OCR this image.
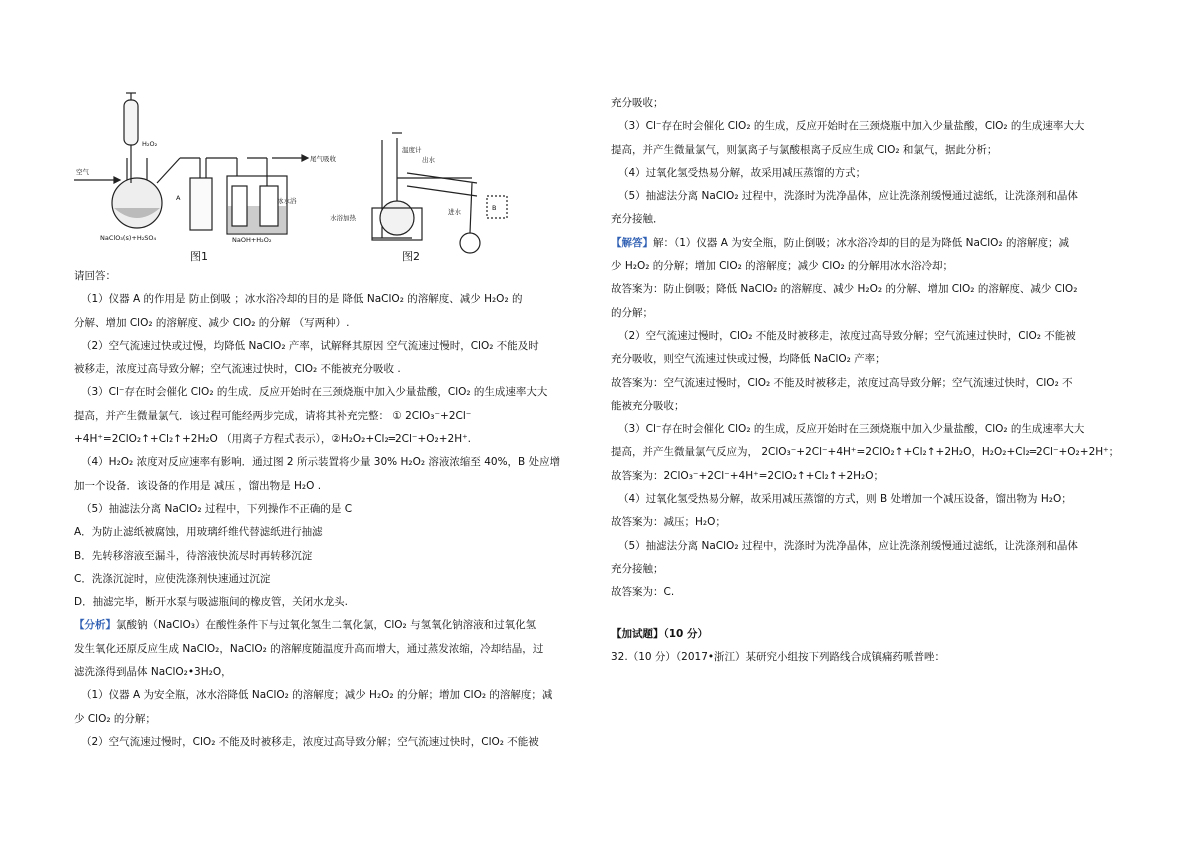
空气
H₂O₂
A
尾气吸收
冰水浴
NaClO₃(s)+H₂SO₄	NaOH+H₂O₂
温度计
出水
进水
水浴加热
B
图1	图2

请回答：

（1）仪器 A 的作用是 防止倒吸 ；冰水浴冷却的目的是 降低 NaClO₂ 的溶解度、减少 H₂O₂ 的

分解、增加 ClO₂ 的溶解度、减少 ClO₂ 的分解 （写两种）.

（2）空气流速过快或过慢，均降低 NaClO₂ 产率，试解释其原因 空气流速过慢时，ClO₂ 不能及时

被移走，浓度过高导致分解；空气流速过快时，ClO₂ 不能被充分吸收 .

（3）Cl⁻存在时会催化 ClO₂ 的生成．反应开始时在三颈烧瓶中加入少量盐酸，ClO₂ 的生成速率大大

提高，并产生微量氯气．该过程可能经两步完成，请将其补充完整： ① 2ClO₃⁻+2Cl⁻

+4H⁺=2ClO₂↑+Cl₂↑+2H₂O （用离子方程式表示），②H₂O₂+Cl₂═2Cl⁻+O₂+2H⁺.

（4）H₂O₂ 浓度对反应速率有影响．通过图 2 所示装置将少量 30% H₂O₂ 溶液浓缩至 40%，B 处应增

加一个设备．该设备的作用是 减压 ，馏出物是 H₂O .

（5）抽滤法分离 NaClO₂ 过程中，下列操作不正确的是 C

A．为防止滤纸被腐蚀，用玻璃纤维代替滤纸进行抽滤

B．先转移溶液至漏斗，待溶液快流尽时再转移沉淀

C．洗涤沉淀时，应使洗涤剂快速通过沉淀

D．抽滤完毕，断开水泵与吸滤瓶间的橡皮管，关闭水龙头.

【分析】氯酸钠（NaClO₃）在酸性条件下与过氧化氢生二氧化氯，ClO₂ 与氢氧化钠溶液和过氧化氢

发生氧化还原反应生成 NaClO₂，NaClO₂ 的溶解度随温度升高而增大，通过蒸发浓缩，冷却结晶，过

滤洗涤得到晶体 NaClO₂•3H₂O，

（1）仪器 A 为安全瓶，冰水浴降低 NaClO₂ 的溶解度；减少 H₂O₂ 的分解；增加 ClO₂ 的溶解度；减

少 ClO₂ 的分解；

（2）空气流速过慢时，ClO₂ 不能及时被移走，浓度过高导致分解；空气流速过快时，ClO₂ 不能被

充分吸收；

（3）Cl⁻存在时会催化 ClO₂ 的生成，反应开始时在三颈烧瓶中加入少量盐酸，ClO₂ 的生成速率大大

提高，并产生微量氯气，则氯离子与氯酸根离子反应生成 ClO₂ 和氯气，据此分析；

（4）过氧化氢受热易分解，故采用减压蒸馏的方式；

（5）抽滤法分离 NaClO₂ 过程中，洗涤时为洗净晶体，应让洗涤剂缓慢通过滤纸，让洗涤剂和晶体

充分接触．

【解答】解：（1）仪器 A 为安全瓶，防止倒吸；冰水浴冷却的目的是为降低 NaClO₂ 的溶解度；减

少 H₂O₂ 的分解；增加 ClO₂ 的溶解度；减少 ClO₂ 的分解用冰水浴冷却；

故答案为：防止倒吸；降低 NaClO₂ 的溶解度、减少 H₂O₂ 的分解、增加 ClO₂ 的溶解度、减少 ClO₂

的分解；

（2）空气流速过慢时，ClO₂ 不能及时被移走，浓度过高导致分解；空气流速过快时，ClO₂ 不能被

充分吸收，则空气流速过快或过慢，均降低 NaClO₂ 产率；

故答案为：空气流速过慢时，ClO₂ 不能及时被移走，浓度过高导致分解；空气流速过快时，ClO₂ 不

能被充分吸收；

（3）Cl⁻存在时会催化 ClO₂ 的生成，反应开始时在三颈烧瓶中加入少量盐酸，ClO₂ 的生成速率大大

提高，并产生微量氯气反应为， 2ClO₃⁻+2Cl⁻+4H⁺=2ClO₂↑+Cl₂↑+2H₂O，H₂O₂+Cl₂═2Cl⁻+O₂+2H⁺；

故答案为：2ClO₃⁻+2Cl⁻+4H⁺=2ClO₂↑+Cl₂↑+2H₂O；

（4）过氧化氢受热易分解，故采用减压蒸馏的方式，则 B 处增加一个减压设备，馏出物为 H₂O；

故答案为：减压；H₂O；

（5）抽滤法分离 NaClO₂ 过程中，洗涤时为洗净晶体，应让洗涤剂缓慢通过滤纸，让洗涤剂和晶体

充分接触；

故答案为：C.

【加试题】（10 分）

32.（10 分）（2017•浙江）某研究小组按下列路线合成镇痛药哌普唑：
